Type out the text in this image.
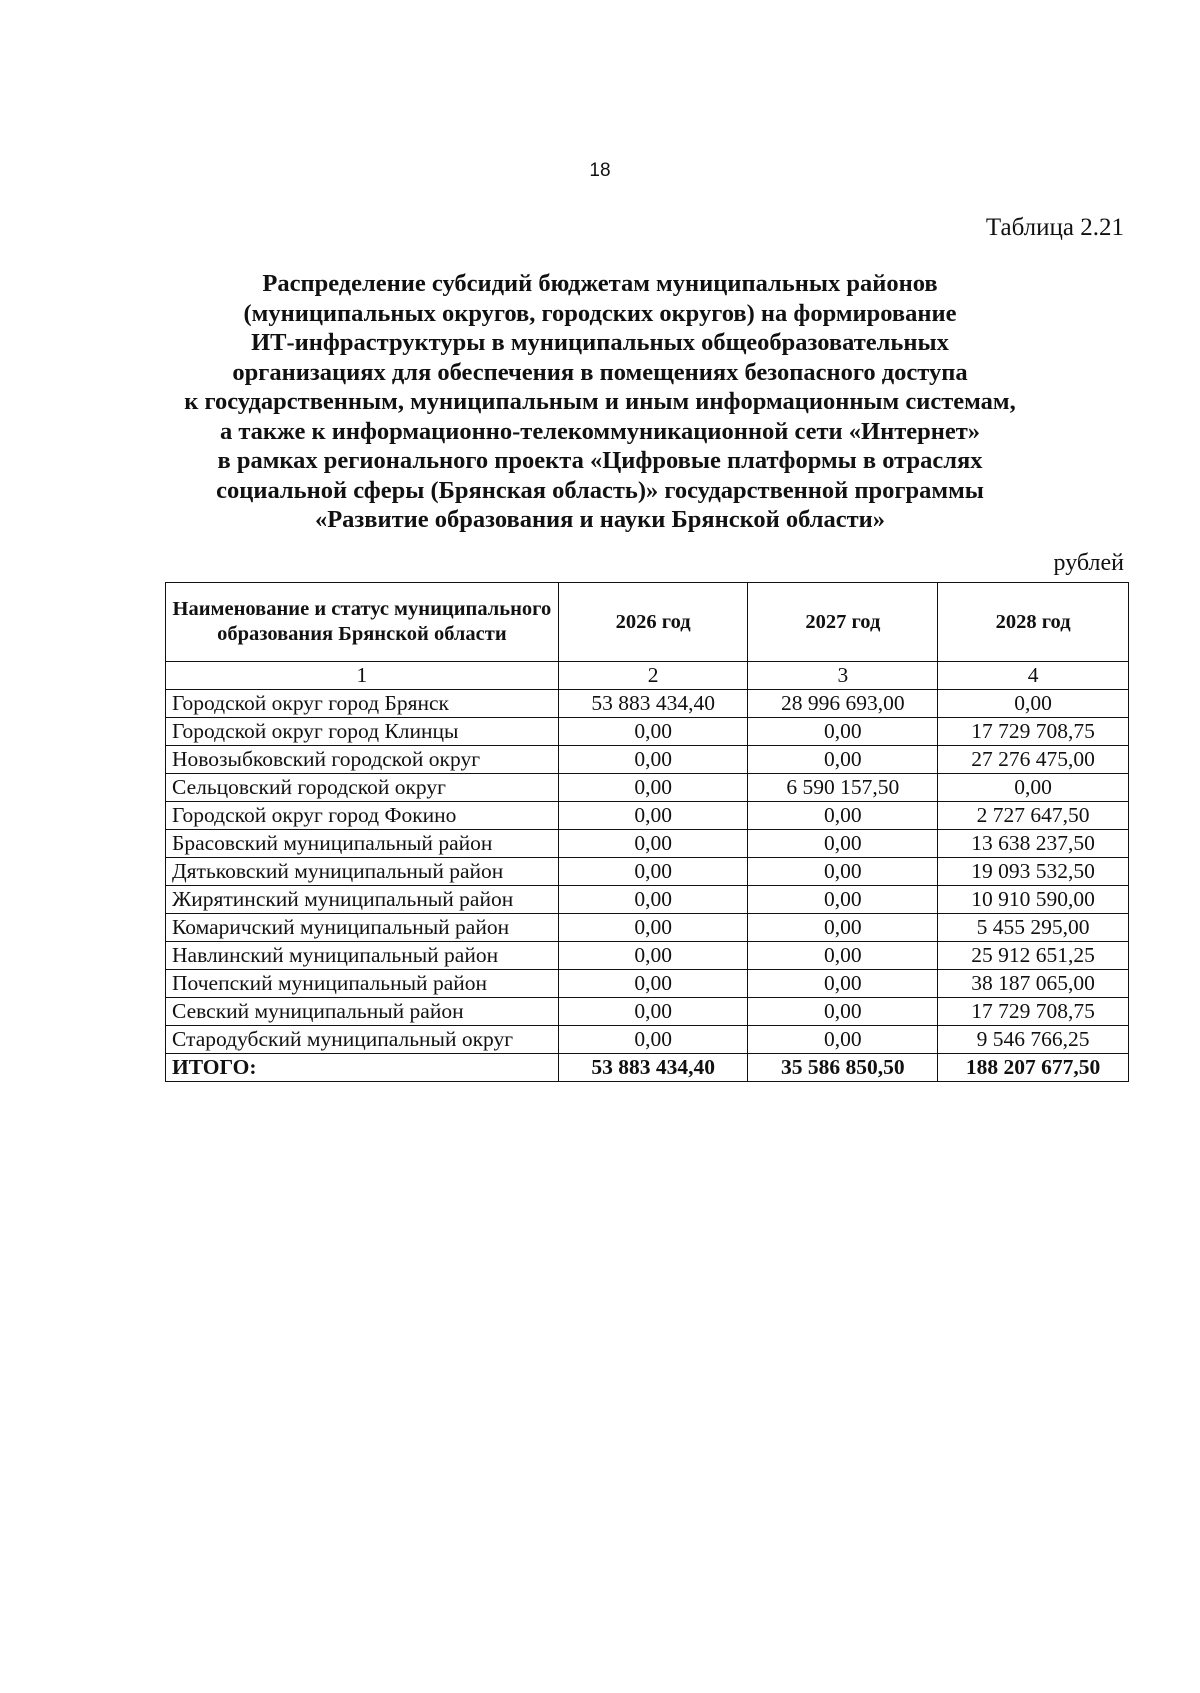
18
Таблица 2.21
Распределение субсидий бюджетам муниципальных районов
(муниципальных округов, городских округов) на формирование
ИТ-инфраструктуры в муниципальных общеобразовательных
организациях для обеспечения в помещениях безопасного доступа
к государственным, муниципальным и иным информационным системам,
а также к информационно-телекоммуникационной сети «Интернет»
в рамках регионального проекта «Цифровые платформы в отраслях
социальной сферы (Брянская область)» государственной программы
«Развитие образования и науки Брянской области»
рублей
Наименование и статус муниципального образования Брянской области	2026 год	2027 год	2028 год
1	2	3	4
Городской округ город Брянск	53 883 434,40	28 996 693,00	0,00
Городской округ город Клинцы	0,00	0,00	17 729 708,75
Новозыбковский городской округ	0,00	0,00	27 276 475,00
Сельцовский городской округ	0,00	6 590 157,50	0,00
Городской округ город Фокино	0,00	0,00	2 727 647,50
Брасовский муниципальный район	0,00	0,00	13 638 237,50
Дятьковский муниципальный район	0,00	0,00	19 093 532,50
Жирятинский муниципальный район	0,00	0,00	10 910 590,00
Комаричский муниципальный район	0,00	0,00	5 455 295,00
Навлинский муниципальный район	0,00	0,00	25 912 651,25
Почепский муниципальный район	0,00	0,00	38 187 065,00
Севский муниципальный район	0,00	0,00	17 729 708,75
Стародубский муниципальный округ	0,00	0,00	9 546 766,25
ИТОГО:	53 883 434,40	35 586 850,50	188 207 677,50
